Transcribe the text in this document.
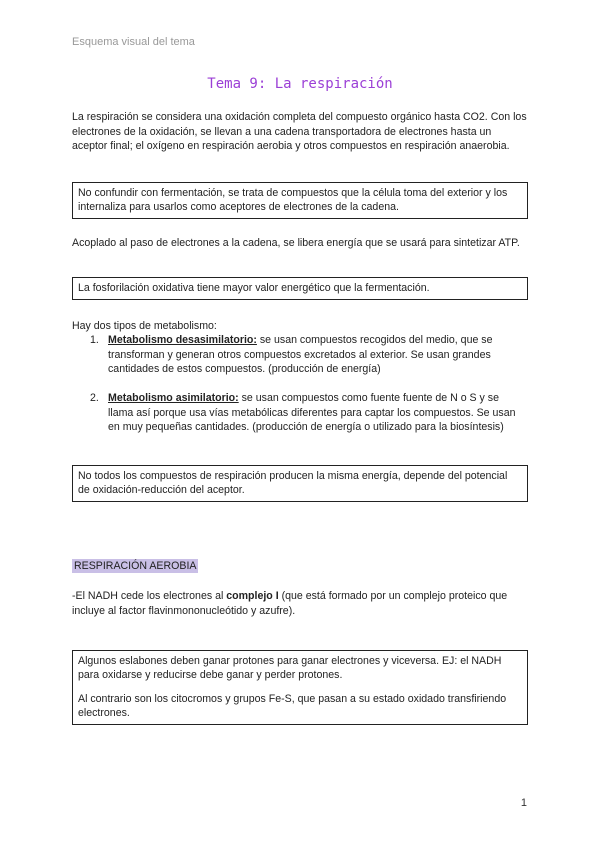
Esquema visual del tema
Tema 9: La respiración
La respiración se considera una oxidación completa del compuesto orgánico hasta CO2. Con los electrones de la oxidación, se llevan a una cadena transportadora de electrones hasta un aceptor final; el oxígeno en respiración aerobia y otros compuestos en respiración anaerobia.

No confundir con fermentación, se trata de compuestos que la célula toma del exterior y los internaliza para usarlos como aceptores de electrones de la cadena.

Acoplado al paso de electrones a la cadena, se libera energía que se usará para sintetizar ATP.

La fosforilación oxidativa tiene mayor valor energético que la fermentación.

Hay dos tipos de metabolismo:
1. Metabolismo desasimilatorio: se usan compuestos recogidos del medio, que se transforman y generan otros compuestos excretados al exterior. Se usan grandes cantidades de estos compuestos. (producción de energía)
2. Metabolismo asimilatorio: se usan compuestos como fuente fuente de N o S y se llama así porque usa vías metabólicas diferentes para captar los compuestos. Se usan en muy pequeñas cantidades. (producción de energía o utilizado para la biosíntesis)

No todos los compuestos de respiración producen la misma energía, depende del potencial de oxidación-reducción del aceptor.

RESPIRACIÓN AEROBIA
-El NADH cede los electrones al complejo I (que está formado por un complejo proteico que incluye al factor flavinmononucleótido y azufre).

Algunos eslabones deben ganar protones para ganar electrones y viceversa. EJ: el NADH para oxidarse y reducirse debe ganar y perder protones.

Al contrario son los citocromos y grupos Fe-S, que pasan a su estado oxidado transfiriendo electrones.

1
